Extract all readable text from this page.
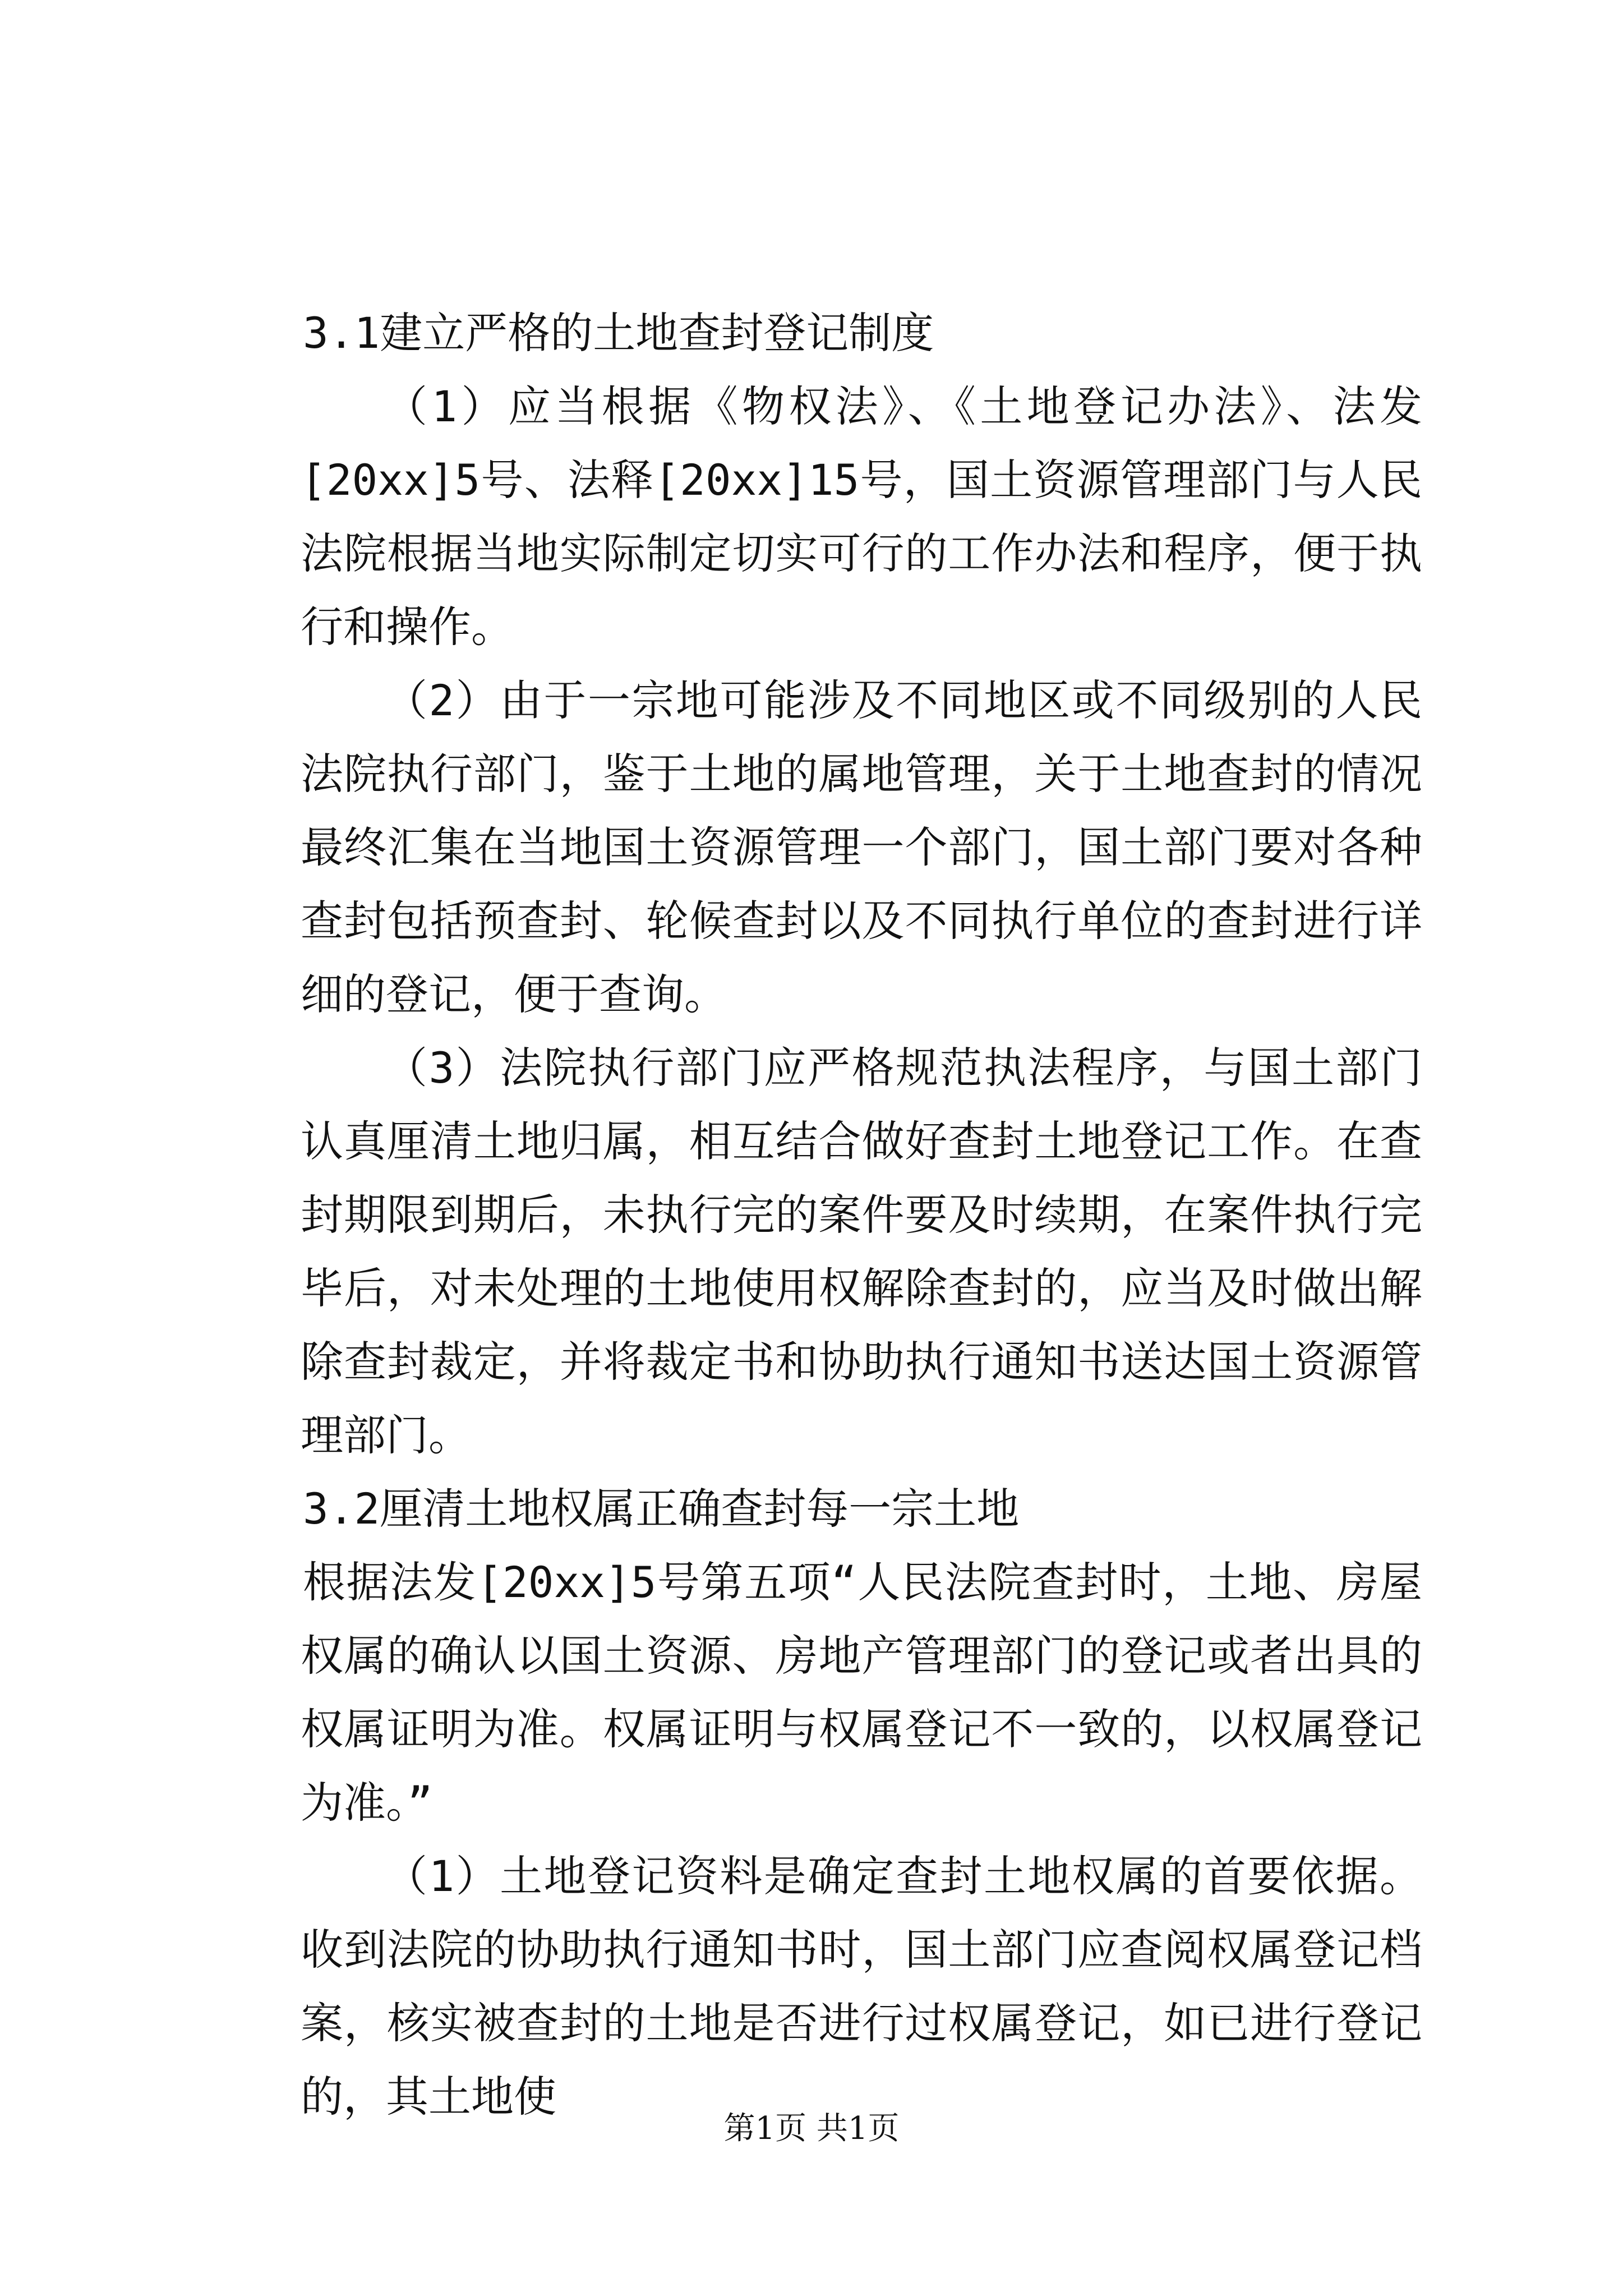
3.1建立严格的土地查封登记制度

（1）应当根据《物权法》、《土地登记办法》、法发[20xx]5号、法释[20xx]15号，国土资源管理部门与人民法院根据当地实际制定切实可行的工作办法和程序，便于执行和操作。

（2）由于一宗地可能涉及不同地区或不同级别的人民法院执行部门，鉴于土地的属地管理，关于土地查封的情况最终汇集在当地国土资源管理一个部门，国土部门要对各种查封包括预查封、轮候查封以及不同执行单位的查封进行详细的登记，便于查询。

（3）法院执行部门应严格规范执法程序，与国土部门认真厘清土地归属，相互结合做好查封土地登记工作。在查封期限到期后，未执行完的案件要及时续期，在案件执行完毕后，对未处理的土地使用权解除查封的，应当及时做出解除查封裁定，并将裁定书和协助执行通知书送达国土资源管理部门。

3.2厘清土地权属正确查封每一宗土地

根据法发[20xx]5号第五项“人民法院查封时，土地、房屋权属的确认以国土资源、房地产管理部门的登记或者出具的权属证明为准。权属证明与权属登记不一致的，以权属登记为准。”

（1）土地登记资料是确定查封土地权属的首要依据。收到法院的协助执行通知书时，国土部门应查阅权属登记档案，核实被查封的土地是否进行过权属登记，如已进行登记的，其土地使

第1页 共1页
